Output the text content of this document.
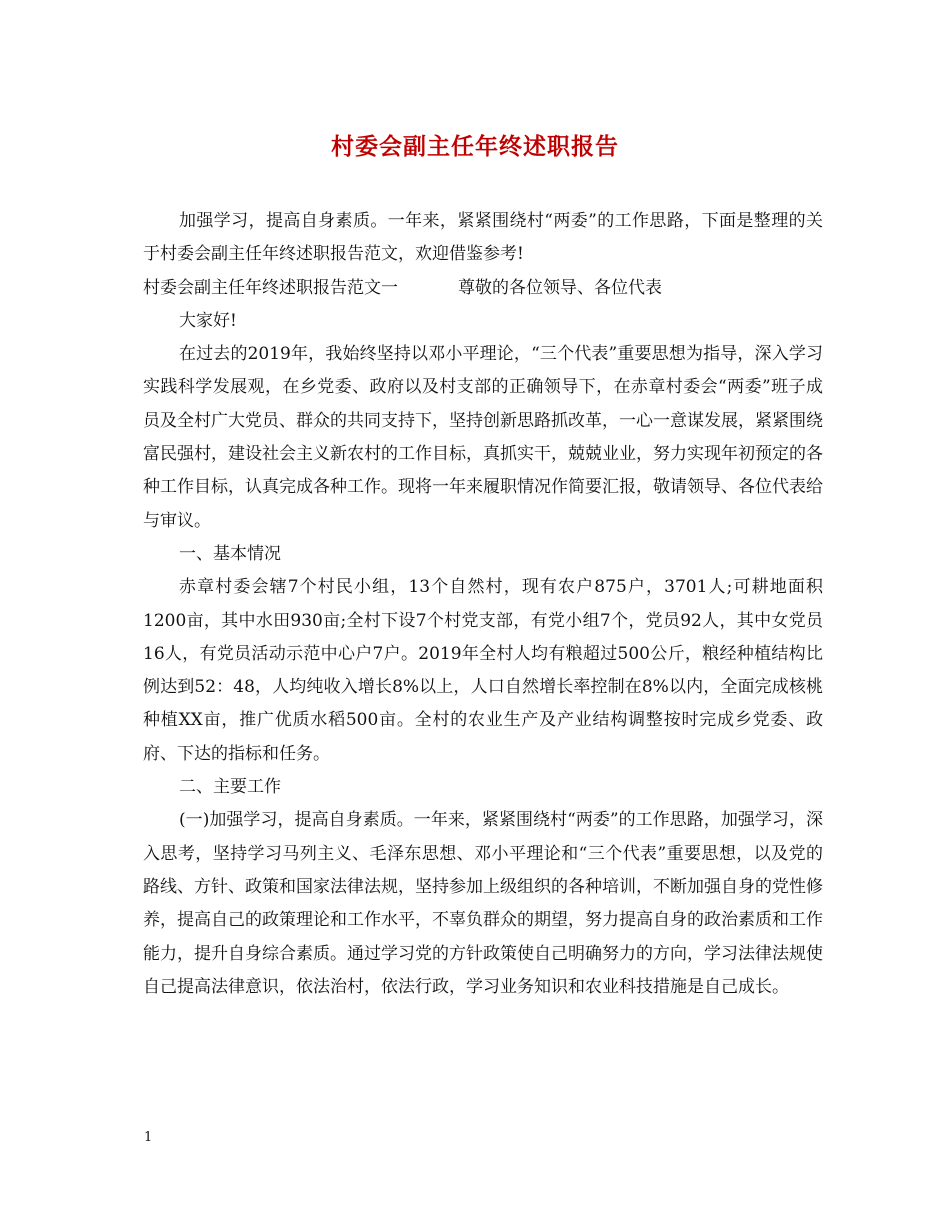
村委会副主任年终述职报告

加强学习，提高自身素质。一年来，紧紧围绕村“两委”的工作思路，下面是整理的关于村委会副主任年终述职报告范文，欢迎借鉴参考!

村委会副主任年终述职报告范文一	尊敬的各位领导、各位代表

大家好!

在过去的2019年，我始终坚持以邓小平理论，“三个代表”重要思想为指导，深入学习实践科学发展观，在乡党委、政府以及村支部的正确领导下，在赤章村委会“两委”班子成员及全村广大党员、群众的共同支持下，坚持创新思路抓改革，一心一意谋发展，紧紧围绕富民强村，建设社会主义新农村的工作目标，真抓实干，兢兢业业，努力实现年初预定的各种工作目标，认真完成各种工作。现将一年来履职情况作简要汇报，敬请领导、各位代表给与审议。

一、基本情况

赤章村委会辖7个村民小组，13个自然村，现有农户875户，3701人;可耕地面积1200亩，其中水田930亩;全村下设7个村党支部，有党小组7个，党员92人，其中女党员16人，有党员活动示范中心户7户。2019年全村人均有粮超过500公斤，粮经种植结构比例达到52：48，人均纯收入增长8%以上，人口自然增长率控制在8%以内，全面完成核桃种植XX亩，推广优质水稻500亩。全村的农业生产及产业结构调整按时完成乡党委、政府、下达的指标和任务。

二、主要工作

(一)加强学习，提高自身素质。一年来，紧紧围绕村“两委”的工作思路，加强学习，深入思考，坚持学习马列主义、毛泽东思想、邓小平理论和“三个代表”重要思想，以及党的路线、方针、政策和国家法律法规，坚持参加上级组织的各种培训，不断加强自身的党性修养，提高自己的政策理论和工作水平，不辜负群众的期望，努力提高自身的政治素质和工作能力，提升自身综合素质。通过学习党的方针政策使自己明确努力的方向，学习法律法规使自己提高法律意识，依法治村，依法行政，学习业务知识和农业科技措施是自己成长。

1
